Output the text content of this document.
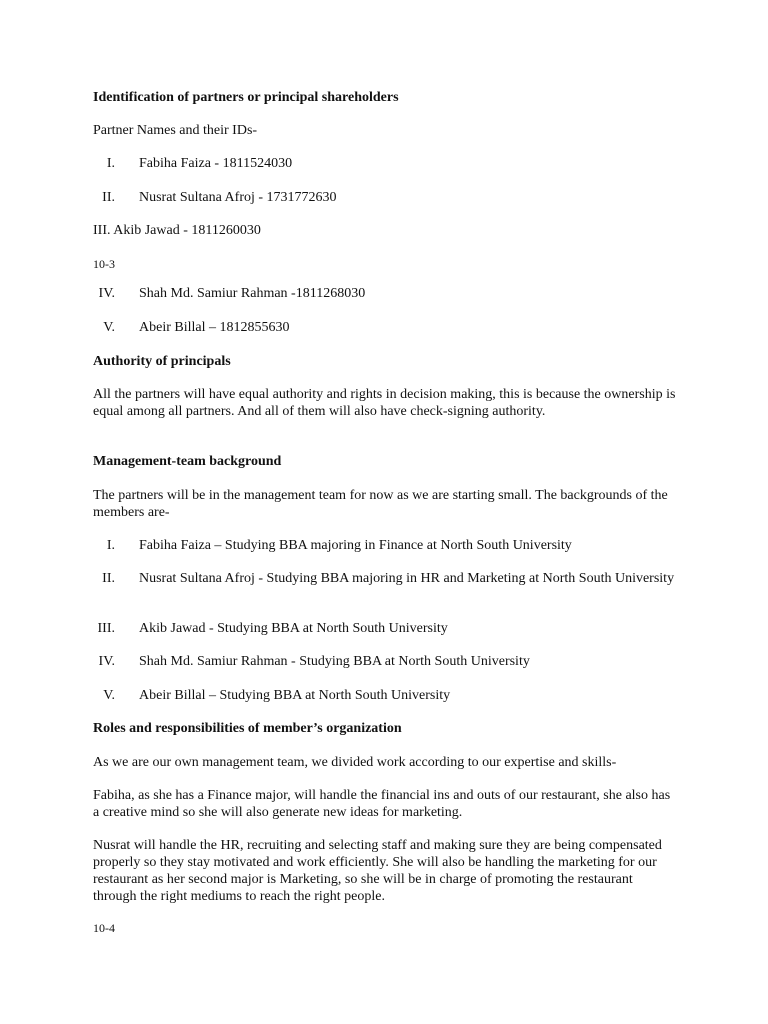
Identification of partners or principal shareholders

Partner Names and their IDs-

I. Fabiha Faiza - 1811524030
II. Nusrat Sultana Afroj - 1731772630

III. Akib Jawad - 1811260030

10-3

IV. Shah Md. Samiur Rahman -1811268030
V. Abeir Billal – 1812855630

Authority of principals

All the partners will have equal authority and rights in decision making, this is because the ownership is equal among all partners. And all of them will also have check-signing authority.

Management-team background

The partners will be in the management team for now as we are starting small. The backgrounds of the members are-

I. Fabiha Faiza – Studying BBA majoring in Finance at North South University
II. Nusrat Sultana Afroj - Studying BBA majoring in HR and Marketing at North South University
III. Akib Jawad - Studying BBA at North South University
IV. Shah Md. Samiur Rahman - Studying BBA at North South University
V. Abeir Billal – Studying BBA at North South University

Roles and responsibilities of member’s organization

As we are our own management team, we divided work according to our expertise and skills-

Fabiha, as she has a Finance major, will handle the financial ins and outs of our restaurant, she also has a creative mind so she will also generate new ideas for marketing.

Nusrat will handle the HR, recruiting and selecting staff and making sure they are being compensated properly so they stay motivated and work efficiently. She will also be handling the marketing for our restaurant as her second major is Marketing, so she will be in charge of promoting the restaurant through the right mediums to reach the right people.

10-4
